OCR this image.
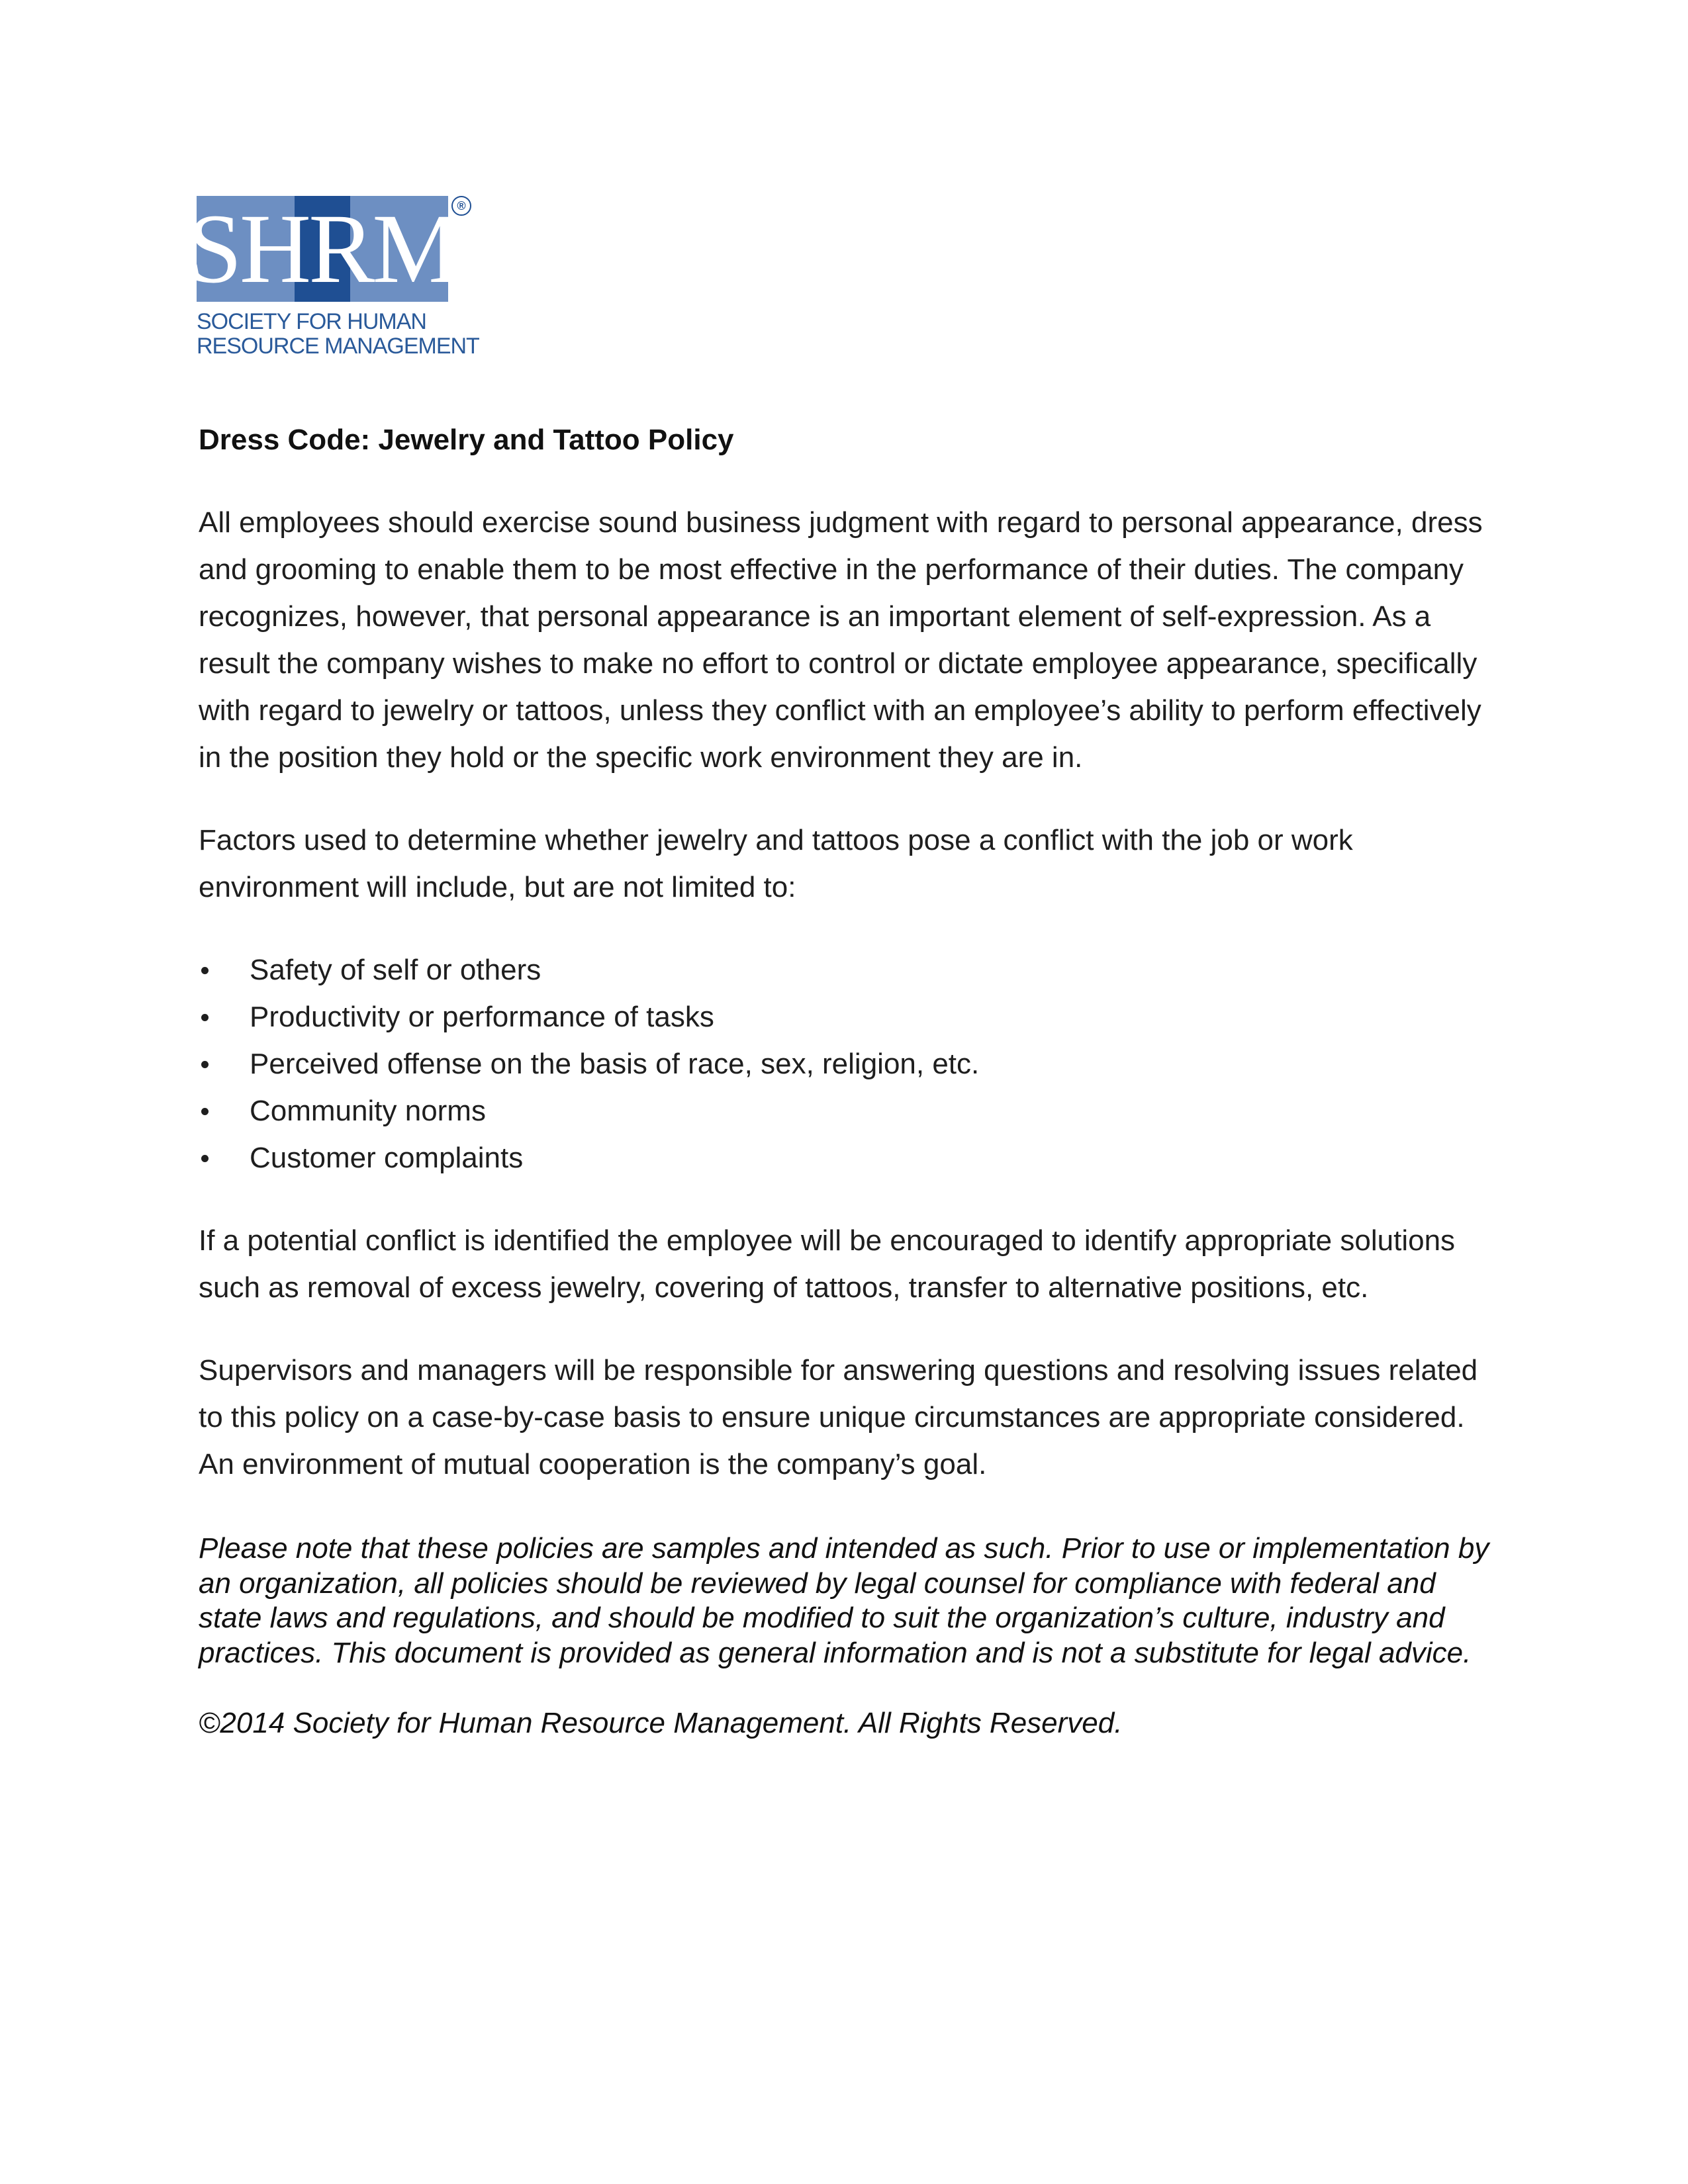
SHRM
®
SOCIETY FOR HUMAN
RESOURCE MANAGEMENT
Dress Code: Jewelry and Tattoo Policy

All employees should exercise sound business judgment with regard to personal appearance, dress and grooming to enable them to be most effective in the performance of their duties. The company recognizes, however, that personal appearance is an important element of self-expression. As a result the company wishes to make no effort to control or dictate employee appearance, specifically with regard to jewelry or tattoos, unless they conflict with an employee’s ability to perform effectively in the position they hold or the specific work environment they are in.

Factors used to determine whether jewelry and tattoos pose a conflict with the job or work environment will include, but are not limited to:

Safety of self or others
Productivity or performance of tasks
Perceived offense on the basis of race, sex, religion, etc.
Community norms
Customer complaints

If a potential conflict is identified the employee will be encouraged to identify appropriate solutions such as removal of excess jewelry, covering of tattoos, transfer to alternative positions, etc.

Supervisors and managers will be responsible for answering questions and resolving issues related to this policy on a case-by-case basis to ensure unique circumstances are appropriate considered. An environment of mutual cooperation is the company’s goal.

Please note that these policies are samples and intended as such. Prior to use or implementation by an organization, all policies should be reviewed by legal counsel for compliance with federal and state laws and regulations, and should be modified to suit the organization’s culture, industry and practices. This document is provided as general information and is not a substitute for legal advice.

©2014 Society for Human Resource Management. All Rights Reserved.
